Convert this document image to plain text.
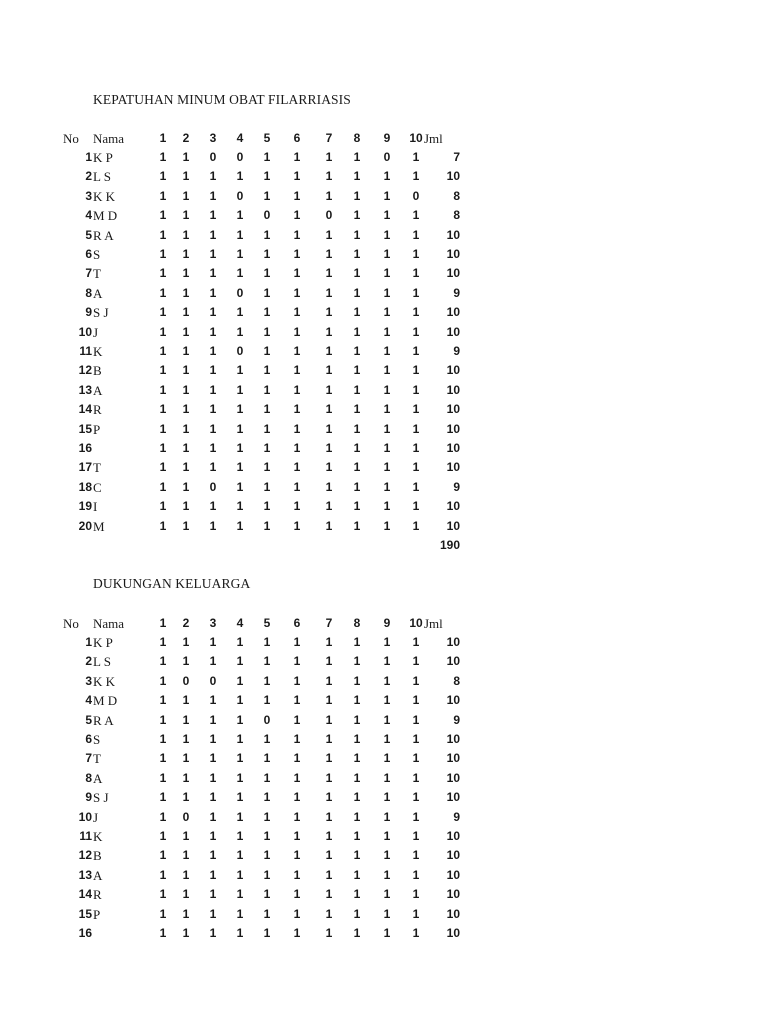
KEPATUHAN MINUM OBAT FILARRIASIS
No Nama	1	2	3	4	5	6	7	8	9	10 Jml
1 K P	1	1	0	0	1	1	1	1	0	1	7
2 L S	1	1	1	1	1	1	1	1	1	1	10
3 K K	1	1	1	0	1	1	1	1	1	0	8
4 M D	1	1	1	1	0	1	0	1	1	1	8
5 R A	1	1	1	1	1	1	1	1	1	1	10
6 S	1	1	1	1	1	1	1	1	1	1	10
7 T	1	1	1	1	1	1	1	1	1	1	10
8 A	1	1	1	0	1	1	1	1	1	1	9
9 S J	1	1	1	1	1	1	1	1	1	1	10
10 J	1	1	1	1	1	1	1	1	1	1	10
11 K	1	1	1	0	1	1	1	1	1	1	9
12 B	1	1	1	1	1	1	1	1	1	1	10
13 A	1	1	1	1	1	1	1	1	1	1	10
14 R	1	1	1	1	1	1	1	1	1	1	10
15 P	1	1	1	1	1	1	1	1	1	1	10
16	1	1	1	1	1	1	1	1	1	1	10
17 T	1	1	1	1	1	1	1	1	1	1	10
18 C	1	1	0	1	1	1	1	1	1	1	9
19 I	1	1	1	1	1	1	1	1	1	1	10
20 M	1	1	1	1	1	1	1	1	1	1	10
190
DUKUNGAN KELUARGA
No Nama	1	2	3	4	5	6	7	8	9	10 Jml
1 K P	1	1	1	1	1	1	1	1	1	1	10
2 L S	1	1	1	1	1	1	1	1	1	1	10
3 K K	1	0	0	1	1	1	1	1	1	1	8
4 M D	1	1	1	1	1	1	1	1	1	1	10
5 R A	1	1	1	1	0	1	1	1	1	1	9
6 S	1	1	1	1	1	1	1	1	1	1	10
7 T	1	1	1	1	1	1	1	1	1	1	10
8 A	1	1	1	1	1	1	1	1	1	1	10
9 S J	1	1	1	1	1	1	1	1	1	1	10
10 J	1	0	1	1	1	1	1	1	1	1	9
11 K	1	1	1	1	1	1	1	1	1	1	10
12 B	1	1	1	1	1	1	1	1	1	1	10
13 A	1	1	1	1	1	1	1	1	1	1	10
14 R	1	1	1	1	1	1	1	1	1	1	10
15 P	1	1	1	1	1	1	1	1	1	1	10
16	1	1	1	1	1	1	1	1	1	1	10
